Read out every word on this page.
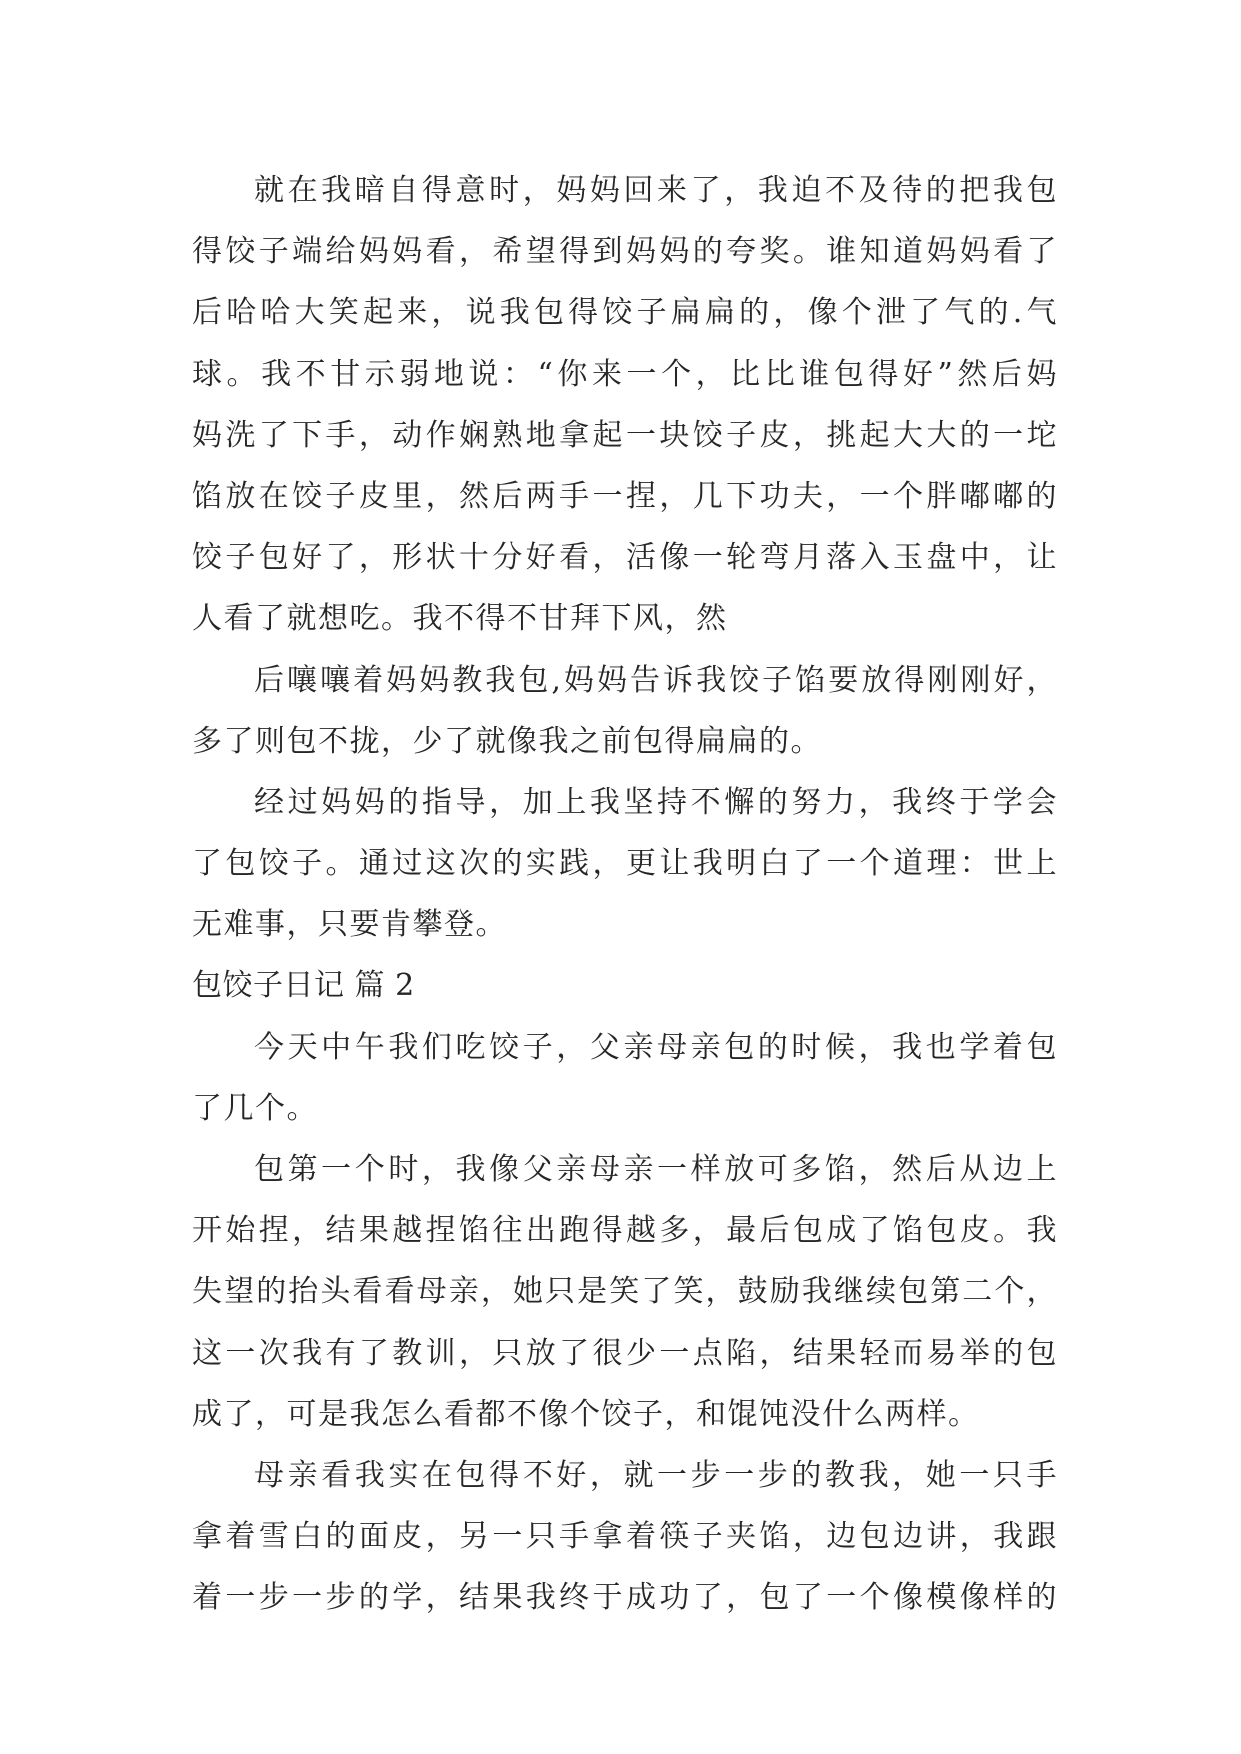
就在我暗自得意时，妈妈回来了，我迫不及待的把我包
得饺子端给妈妈看，希望得到妈妈的夸奖。谁知道妈妈看了
后哈哈大笑起来，说我包得饺子扁扁的，像个泄了气的.气
球。我不甘示弱地说：“你来一个，比比谁包得好”然后妈
妈洗了下手，动作娴熟地拿起一块饺子皮，挑起大大的一坨
馅放在饺子皮里，然后两手一捏，几下功夫，一个胖嘟嘟的
饺子包好了，形状十分好看，活像一轮弯月落入玉盘中，让
人看了就想吃。我不得不甘拜下风，然
后嚷嚷着妈妈教我包,妈妈告诉我饺子馅要放得刚刚好，
多了则包不拢，少了就像我之前包得扁扁的。
经过妈妈的指导，加上我坚持不懈的努力，我终于学会
了包饺子。通过这次的实践，更让我明白了一个道理：世上
无难事，只要肯攀登。
包饺子日记 篇 2
今天中午我们吃饺子，父亲母亲包的时候，我也学着包
了几个。
包第一个时，我像父亲母亲一样放可多馅，然后从边上
开始捏，结果越捏馅往出跑得越多，最后包成了馅包皮。我
失望的抬头看看母亲，她只是笑了笑，鼓励我继续包第二个，
这一次我有了教训，只放了很少一点陷，结果轻而易举的包
成了，可是我怎么看都不像个饺子，和馄饨没什么两样。
母亲看我实在包得不好，就一步一步的教我，她一只手
拿着雪白的面皮，另一只手拿着筷子夹馅，边包边讲，我跟
着一步一步的学，结果我终于成功了，包了一个像模像样的
